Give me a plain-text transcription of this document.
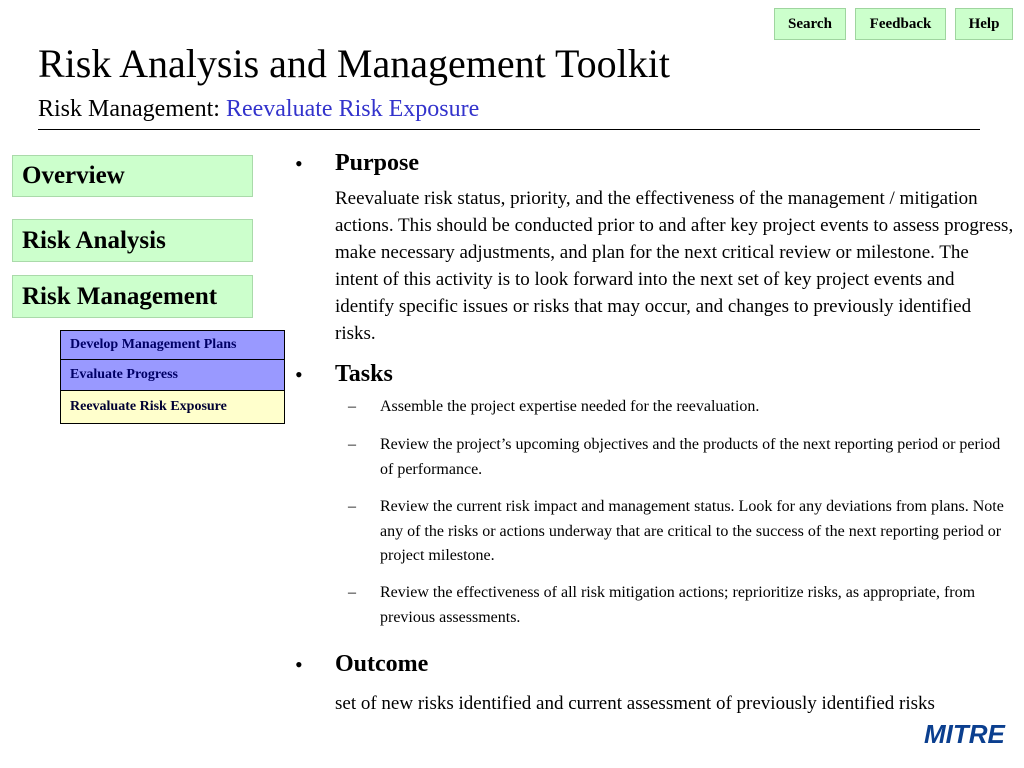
Search	Feedback	Help
Risk Analysis and Management Toolkit
Risk Management: Reevaluate Risk Exposure
Overview
Risk Analysis
Risk Management
Develop Management Plans
Evaluate Progress
Reevaluate Risk Exposure
• Purpose
Reevaluate risk status, priority, and the effectiveness of the management / mitigation actions. This should be conducted prior to and after key project events to assess progress, make necessary adjustments, and plan for the next critical review or milestone. The intent of this activity is to look forward into the next set of key project events and identify specific issues or risks that may occur, and changes to previously identified risks.
• Tasks
– Assemble the project expertise needed for the reevaluation.
– Review the project’s upcoming objectives and the products of the next reporting period or period of performance.
– Review the current risk impact and management status. Look for any deviations from plans. Note any of the risks or actions underway that are critical to the success of the next reporting period or project milestone.
– Review the effectiveness of all risk mitigation actions; reprioritize risks, as appropriate, from previous assessments.
• Outcome
set of new risks identified and current assessment of previously identified risks
MITRE
